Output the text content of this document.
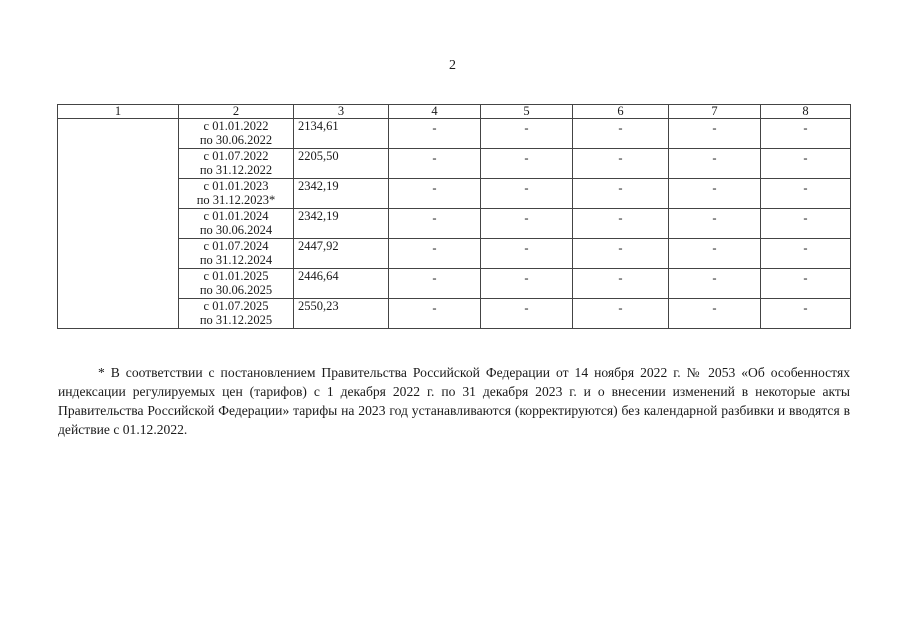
2
1	2	3	4	5	6	7	8

	с 01.01.2022
по 30.06.2022	2134,61	-	-	-	-	-

	с 01.07.2022
по 31.12.2022	2205,50	-	-	-	-	-

	с 01.01.2023
по 31.12.2023*	2342,19	-	-	-	-	-

	с 01.01.2024
по 30.06.2024	2342,19	-	-	-	-	-

	с 01.07.2024
по 31.12.2024	2447,92	-	-	-	-	-

	с 01.01.2025
по 30.06.2025	2446,64	-	-	-	-	-

	с 01.07.2025
по 31.12.2025	2550,23	-	-	-	-	-

* В соответствии с постановлением Правительства Российской Федерации от 14 ноября 2022 г. № 2053 «Об особенностях индексации регулируемых цен (тарифов) с 1 декабря 2022 г. по 31 декабря 2023 г. и о внесении изменений в некоторые акты Правительства Российской Федерации» тарифы на 2023 год устанавливаются (корректируются) без календарной разбивки и вводятся в действие с 01.12.2022.
